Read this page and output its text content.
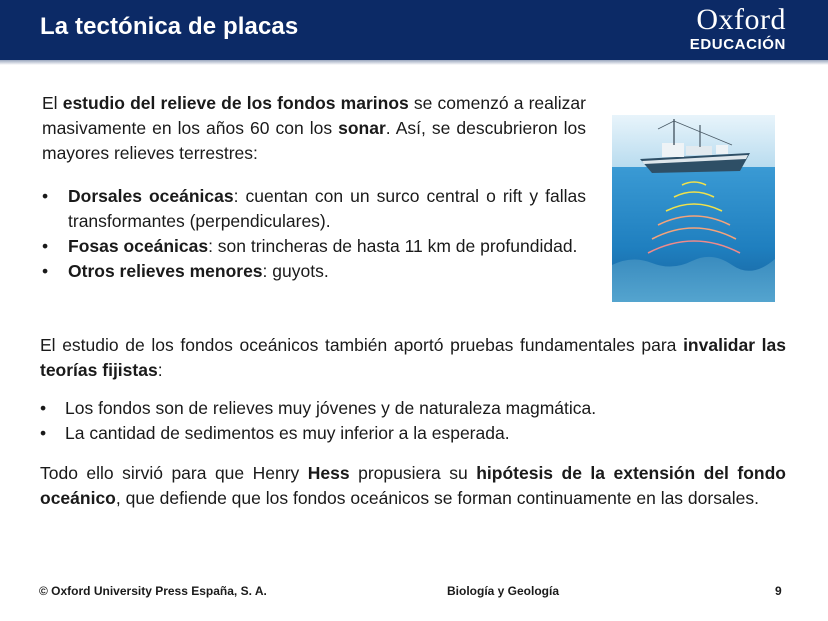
La tectónica de placas	Oxford
EDUCACIÓN

El estudio del relieve de los fondos marinos se comenzó a realizar masivamente en los años 60 con los sonar. Así, se descubrieron los mayores relieves terrestres:

• Dorsales oceánicas: cuentan con un surco central o rift y fallas transformantes (perpendiculares).
• Fosas oceánicas: son trincheras de hasta 11 km de profundidad.
• Otros relieves menores: guyots.

El estudio de los fondos oceánicos también aportó pruebas fundamentales para invalidar las teorías fijistas:

• Los fondos son de relieves muy jóvenes y de naturaleza magmática.
• La cantidad de sedimentos es muy inferior a la esperada.

Todo ello sirvió para que Henry Hess propusiera su hipótesis de la extensión del fondo oceánico, que defiende que los fondos oceánicos se forman continuamente en las dorsales.

© Oxford University Press España, S. A.	Biología y Geología	9
